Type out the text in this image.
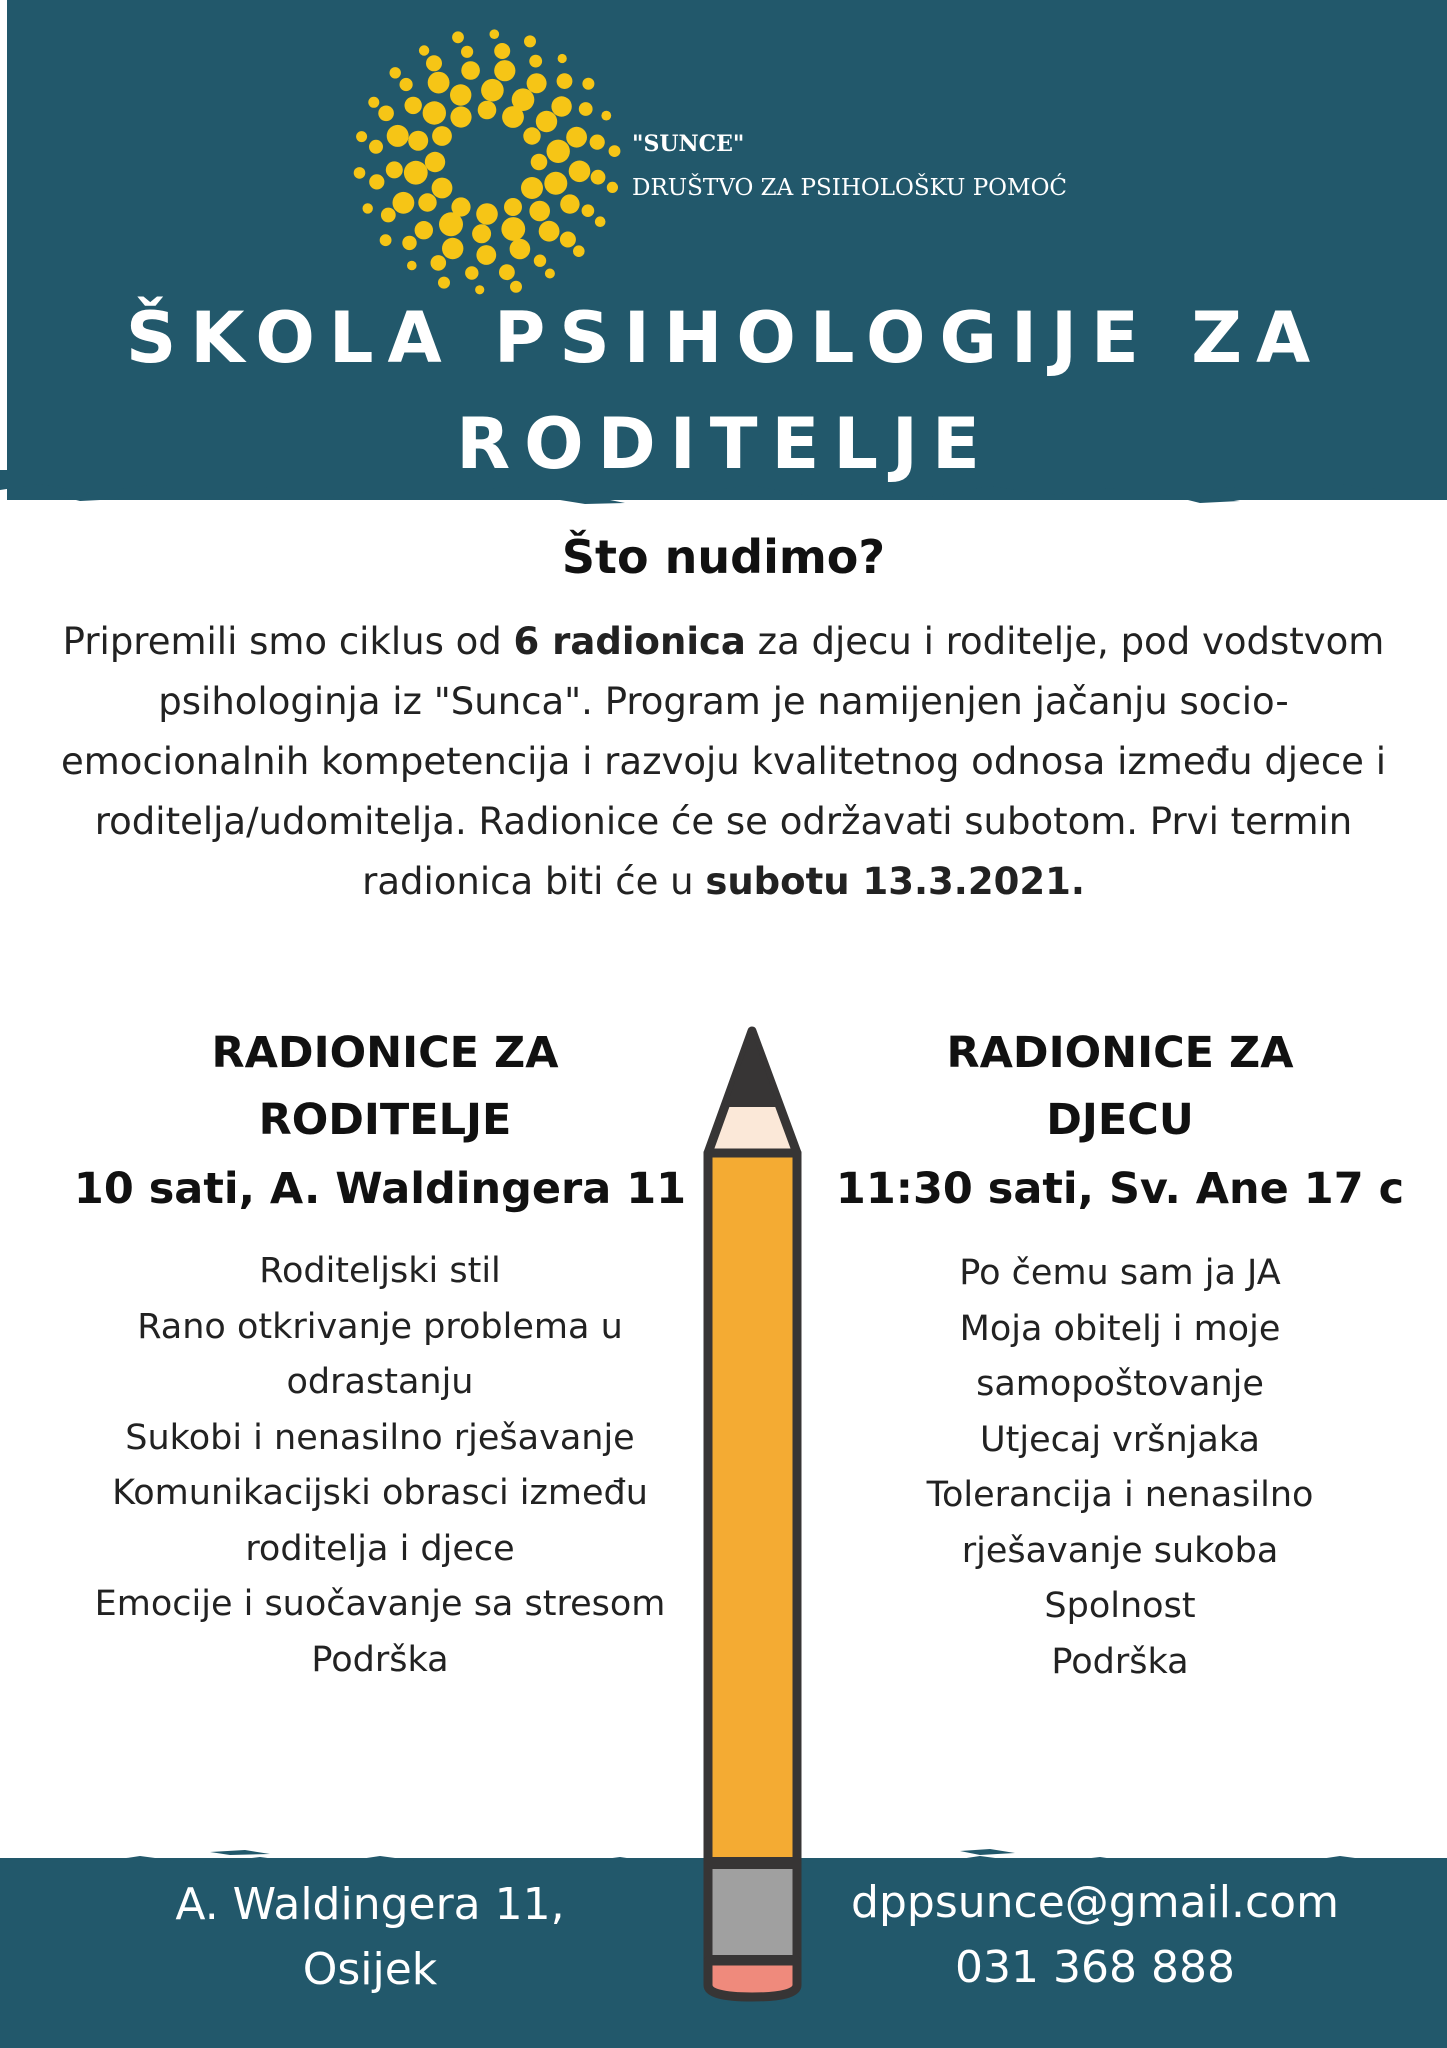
"SUNCE"
DRUŠTVO ZA PSIHOLOŠKU POMOĆ
ŠKOLA PSIHOLOGIJE ZA
RODITELJE
Što nudimo?
Pripremili smo ciklus od 6 radionica za djecu i roditelje, pod vodstvom psihologinja iz "Sunca". Program je namijenjen jačanju socio-emocionalnih kompetencija i razvoju kvalitetnog odnosa između djece i roditelja/udomitelja. Radionice će se održavati subotom. Prvi termin radionica biti će u subotu 13.3.2021.
RADIONICE ZA
RODITELJE
10 sati, A. Waldingera 11
Roditeljski stil
Rano otkrivanje problema u
odrastanju
Sukobi i nenasilno rješavanje
Komunikacijski obrasci između
roditelja i djece
Emocije i suočavanje sa stresom
Podrška
RADIONICE ZA
DJECU
11:30 sati, Sv. Ane 17 c
Po čemu sam ja JA
Moja obitelj i moje
samopoštovanje
Utjecaj vršnjaka
Tolerancija i nenasilno
rješavanje sukoba
Spolnost
Podrška
A. Waldingera 11,
Osijek
dppsunce@gmail.com
031 368 888
